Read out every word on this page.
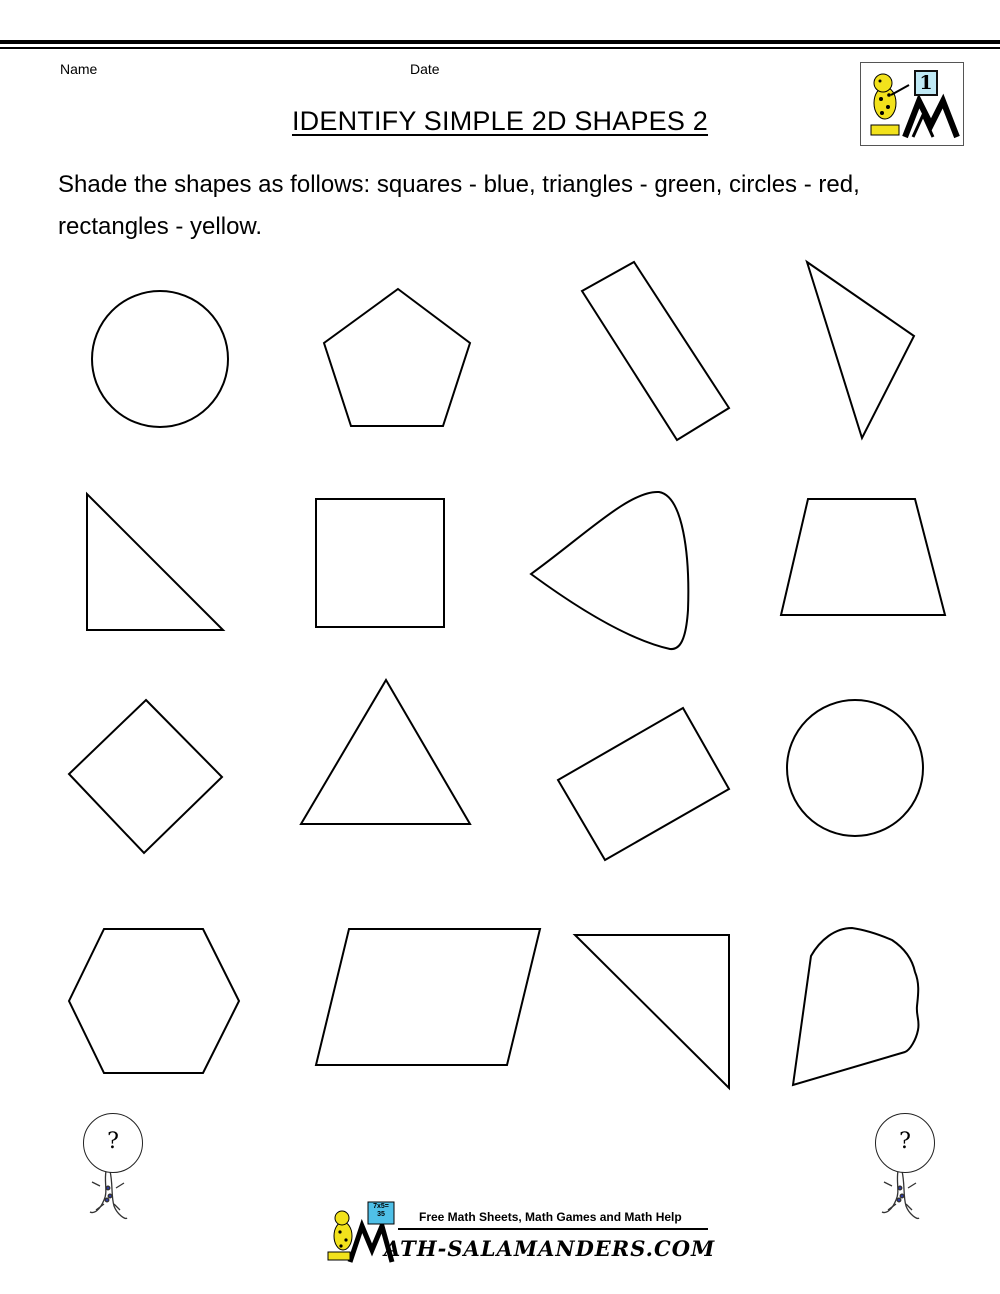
Name	Date
1
IDENTIFY SIMPLE 2D SHAPES 2
Shade the shapes as follows: squares - blue, triangles - green, circles - red, rectangles - yellow.
?	?
7x5= 35	Free Math Sheets, Math Games and Math Help
ATH-SALAMANDERS.COM
